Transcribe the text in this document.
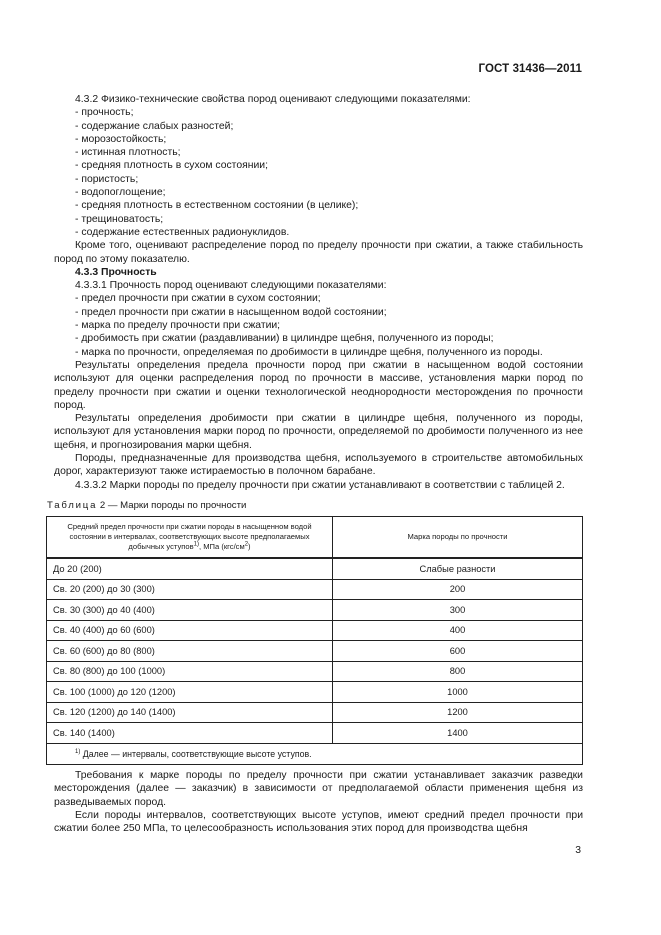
ГОСТ 31436—2011

4.3.2 Физико-технические свойства пород оценивают следующими показателями:

- прочность;

- содержание слабых разностей;

- морозостойкость;

- истинная плотность;

- средняя плотность в сухом состоянии;

- пористость;

- водопоглощение;

- средняя плотность в естественном состоянии (в целике);

- трещиноватость;

- содержание естественных радионуклидов.

Кроме того, оценивают распределение пород по пределу прочности при сжатии, а также стабильность пород по этому показателю.

4.3.3 Прочность

4.3.3.1 Прочность пород оценивают следующими показателями:

- предел прочности при сжатии в сухом состоянии;

- предел прочности при сжатии в насыщенном водой состоянии;

- марка по пределу прочности при сжатии;

- дробимость при сжатии (раздавливании) в цилиндре щебня, полученного из породы;

- марка по прочности, определяемая по дробимости в цилиндре щебня, полученного из породы.

Результаты определения предела прочности пород при сжатии в насыщенном водой состоянии используют для оценки распределения пород по прочности в массиве, установления марки пород по пределу прочности при сжатии и оценки технологической неоднородности месторождения по прочности пород.

Результаты определения дробимости при сжатии в цилиндре щебня, полученного из породы, используют для установления марки пород по прочности, определяемой по дробимости полученного из нее щебня, и прогнозирования марки щебня.

Породы, предназначенные для производства щебня, используемого в строительстве автомобильных дорог, характеризуют также истираемостью в полочном барабане.

4.3.3.2 Марки породы по пределу прочности при сжатии устанавливают в соответствии с таблицей 2.

Таблица 2 — Марки породы по прочности
Средний предел прочности при сжатии породы в насыщенном водой состоянии в интервалах, соответствующих высоте предполагаемых добычных уступов$^{1)}$, МПа $(кгс/см^2)$	Марка породы по прочности
До 20 (200)	Слабые разности
Св. 20 (200) до 30 (300)	200
Св. 30 (300) до 40 (400)	300
Св. 40 (400) до 60 (600)	400
Св. 60 (600) до 80 (800)	600
Св. 80 (800) до 100 (1000)	800
Св. 100 (1000) до 120 (1200)	1000
Св. 120 (1200) до 140 (1400)	1200
Св. 140 (1400)	1400
$^{1)}$ Далее — интервалы, соответствующие высоте уступов.	

Требования к марке породы по пределу прочности при сжатии устанавливает заказчик разведки месторождения (далее — заказчик) в зависимости от предполагаемой области применения щебня из разведываемых пород.

Если породы интервалов, соответствующих высоте уступов, имеют средний предел прочности при сжатии более 250 МПа, то целесообразность использования этих пород для производства щебня

3
